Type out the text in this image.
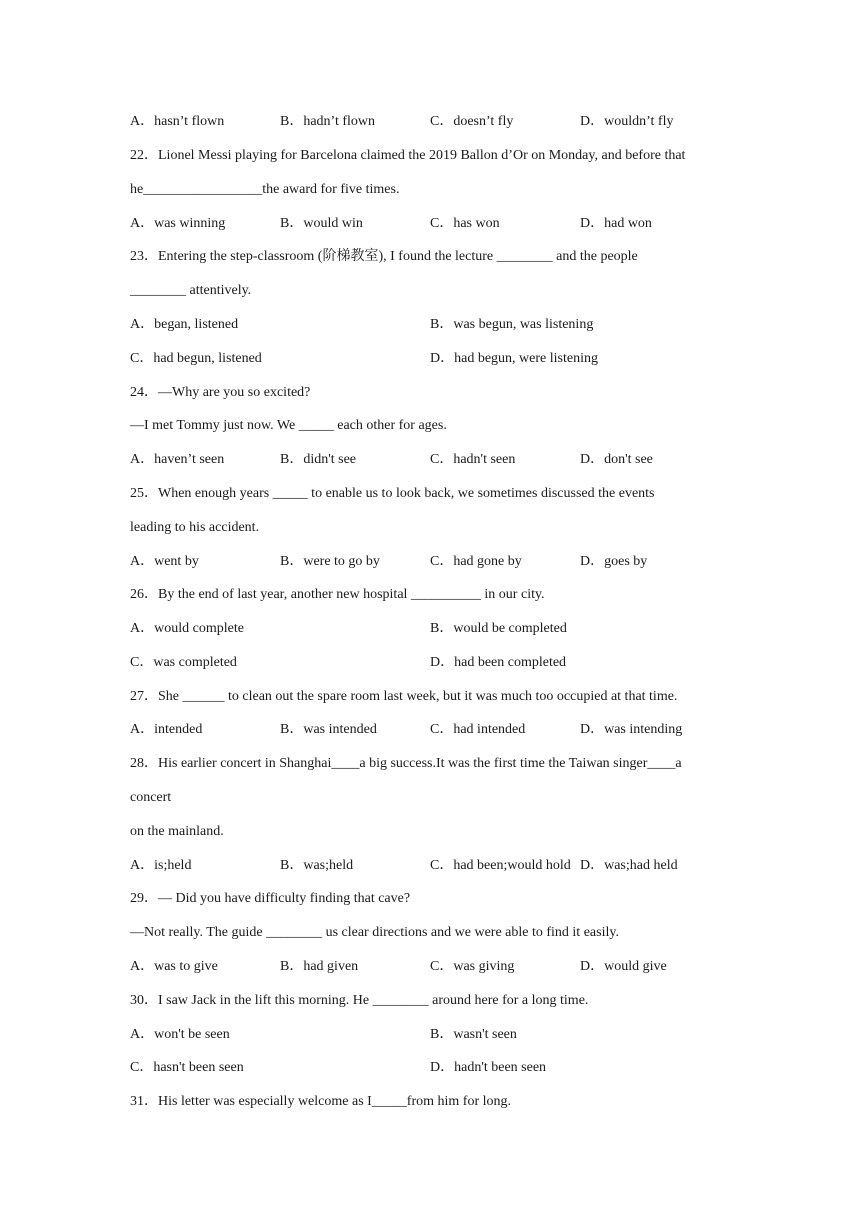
A．hasn’t flown	B．hadn’t flown	C．doesn’t fly	D．wouldn’t fly
22．Lionel Messi playing for Barcelona claimed the 2019 Ballon d’Or on Monday, and before that
he_________________the award for five times.
A．was winning	B．would win	C．has won	D．had won
23．Entering the step-classroom (阶梯教室), I found the lecture ________ and the people
________ attentively.
A．began, listened	B．was begun, was listening
C．had begun, listened	D．had begun, were listening
24．—Why are you so excited?
—I met Tommy just now. We _____ each other for ages.
A．haven’t seen	B．didn't see	C．hadn't seen	D．don't see
25．When enough years _____ to enable us to look back, we sometimes discussed the events
leading to his accident.
A．went by	B．were to go by	C．had gone by	D．goes by
26．By the end of last year, another new hospital __________ in our city.
A．would complete	B．would be completed
C．was completed	D．had been completed
27．She ______ to clean out the spare room last week, but it was much too occupied at that time.
A．intended	B．was intended	C．had intended	D．was intending
28．His earlier concert in Shanghai____a big success.It was the first time the Taiwan singer____a
concert
on the mainland.
A．is;held	B．was;held	C．had been;would hold D．was;had held
29．— Did you have difficulty finding that cave?
—Not really. The guide ________ us clear directions and we were able to find it easily.
A．was to give	B．had given	C．was giving	D．would give
30．I saw Jack in the lift this morning. He ________ around here for a long time.
A．won't be seen	B．wasn't seen
C．hasn't been seen	D．hadn't been seen
31．His letter was especially welcome as I_____from him for long.
